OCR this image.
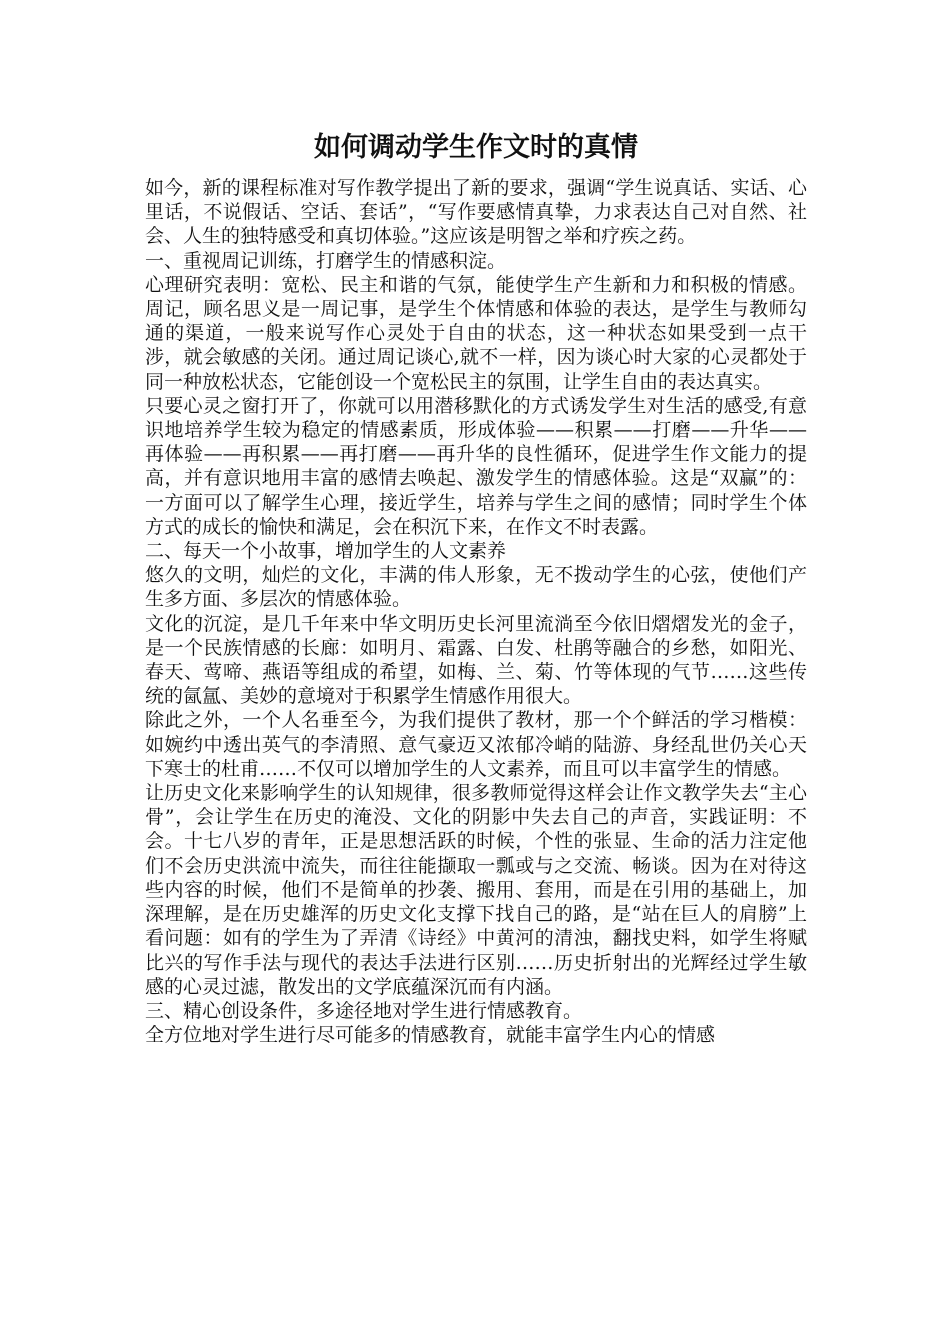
如何调动学生作文时的真情

如今，新的课程标准对写作教学提出了新的要求，强调“学生说真话、实话、心里话，不说假话、空话、套话”，“写作要感情真挚，力求表达自己对自然、社会、人生的独特感受和真切体验。”这应该是明智之举和疗疾之药。

一、重视周记训练，打磨学生的情感积淀。

心理研究表明：宽松、民主和谐的气氛，能使学生产生新和力和积极的情感。周记，顾名思义是一周记事，是学生个体情感和体验的表达，是学生与教师勾通的渠道，一般来说写作心灵处于自由的状态，这一种状态如果受到一点干涉，就会敏感的关闭。通过周记谈心,就不一样，因为谈心时大家的心灵都处于同一种放松状态，它能创设一个宽松民主的氛围，让学生自由的表达真实。

只要心灵之窗打开了，你就可以用潜移默化的方式诱发学生对生活的感受,有意识地培养学生较为稳定的情感素质，形成体验——积累——打磨——升华——再体验——再积累——再打磨——再升华的良性循环，促进学生作文能力的提高，并有意识地用丰富的感情去唤起、激发学生的情感体验。这是“双赢”的：一方面可以了解学生心理，接近学生，培养与学生之间的感情；同时学生个体方式的成长的愉快和满足，会在积沉下来，在作文不时表露。

二、每天一个小故事，增加学生的人文素养

悠久的文明，灿烂的文化，丰满的伟人形象，无不拨动学生的心弦，使他们产生多方面、多层次的情感体验。

文化的沉淀，是几千年来中华文明历史长河里流淌至今依旧熠熠发光的金子，是一个民族情感的长廊：如明月、霜露、白发、杜鹃等融合的乡愁，如阳光、春天、莺啼、燕语等组成的希望，如梅、兰、菊、竹等体现的气节……这些传统的氤氲、美妙的意境对于积累学生情感作用很大。

除此之外，一个人名垂至今，为我们提供了教材，那一个个鲜活的学习楷模：如婉约中透出英气的李清照、意气豪迈又浓郁冷峭的陆游、身经乱世仍关心天下寒士的杜甫……不仅可以增加学生的人文素养，而且可以丰富学生的情感。

让历史文化来影响学生的认知规律，很多教师觉得这样会让作文教学失去“主心骨”，会让学生在历史的淹没、文化的阴影中失去自己的声音，实践证明：不会。十七八岁的青年，正是思想活跃的时候，个性的张显、生命的活力注定他们不会历史洪流中流失，而往往能撷取一瓢或与之交流、畅谈。因为在对待这些内容的时候，他们不是简单的抄袭、搬用、套用，而是在引用的基础上，加深理解，是在历史雄浑的历史文化支撑下找自己的路，是“站在巨人的肩膀”上看问题：如有的学生为了弄清《诗经》中黄河的清浊，翻找史料，如学生将赋比兴的写作手法与现代的表达手法进行区别……历史折射出的光辉经过学生敏感的心灵过滤，散发出的文学底蕴深沉而有内涵。

三、精心创设条件，多途径地对学生进行情感教育。

全方位地对学生进行尽可能多的情感教育，就能丰富学生内心的情感
